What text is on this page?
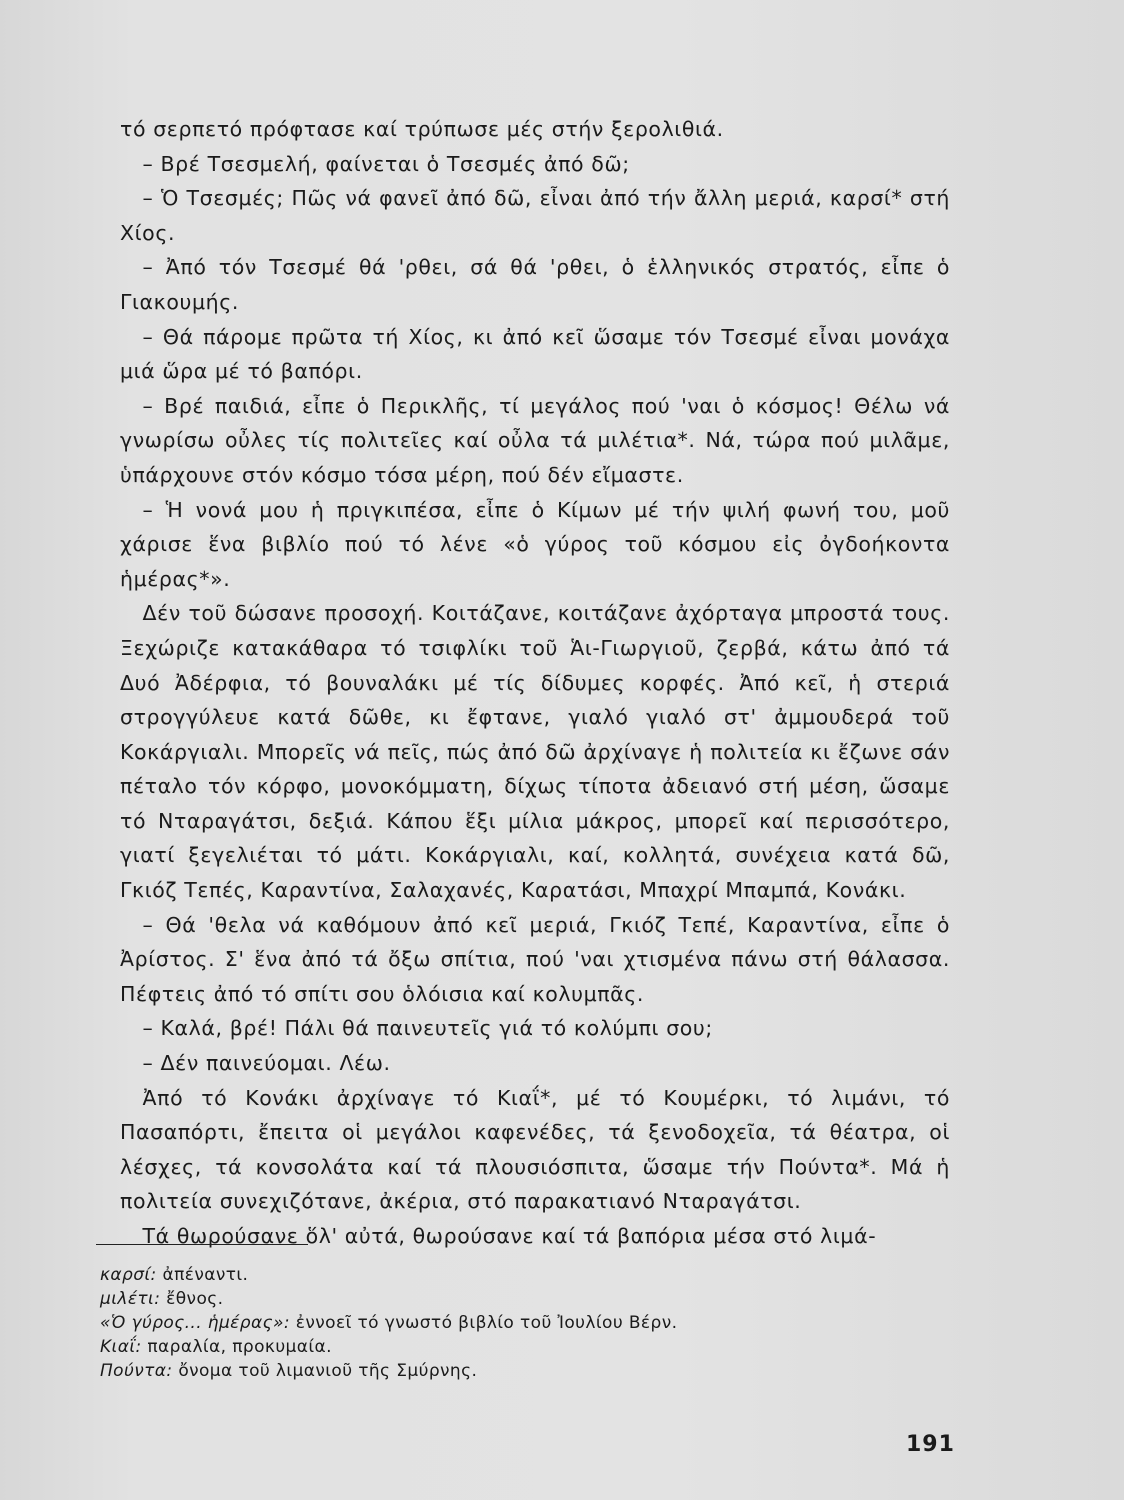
τό σερπετό πρόφτασε καί τρύπωσε μές στήν ξερολιθιά.

– Βρέ Τσεσμελή, φαίνεται ὁ Τσεσμές ἀπό δῶ;

– Ὁ Τσεσμές; Πῶς νά φανεῖ ἀπό δῶ, εἶναι ἀπό τήν ἄλλη μεριά, καρσί* στή Χίος.

– Ἀπό τόν Τσεσμέ θά 'ρθει, σά θά 'ρθει, ὁ ἑλληνικός στρατός, εἶπε ὁ Γιακουμής.

– Θά πάρομε πρῶτα τή Χίος, κι ἀπό κεῖ ὥσαμε τόν Τσεσμέ εἶναι μονάχα μιά ὥρα μέ τό βαπόρι.

– Βρέ παιδιά, εἶπε ὁ Περικλῆς, τί μεγάλος πού 'ναι ὁ κόσμος! Θέλω νά γνωρίσω οὖλες τίς πολιτεῖες καί οὖλα τά μιλέτια*. Νά, τώρα πού μιλᾶμε, ὑπάρχουνε στόν κόσμο τόσα μέρη, πού δέν εἴμαστε.

– Ἡ νονά μου ἡ πριγκιπέσα, εἶπε ὁ Κίμων μέ τήν ψιλή φωνή του, μοῦ χάρισε ἕνα βιβλίο πού τό λένε «ὁ γύρος τοῦ κόσμου εἰς ὀγδοήκοντα ἡμέρας*».

Δέν τοῦ δώσανε προσοχή. Κοιτάζανε, κοιτάζανε ἀχόρταγα μπροστά τους. Ξεχώριζε κατακάθαρα τό τσιφλίκι τοῦ Ἁι-Γιωργιοῦ, ζερβά, κάτω ἀπό τά Δυό Ἀδέρφια, τό βουναλάκι μέ τίς δίδυμες κορφές. Ἀπό κεῖ, ἡ στεριά στρογγύλευε κατά δῶθε, κι ἔφτανε, γιαλό γιαλό στ' ἀμμουδερά τοῦ Κοκάργιαλι. Μπορεῖς νά πεῖς, πώς ἀπό δῶ ἀρχίναγε ἡ πολιτεία κι ἔζωνε σάν πέταλο τόν κόρφο, μονοκόμματη, δίχως τίποτα ἀδειανό στή μέση, ὥσαμε τό Νταραγάτσι, δεξιά. Κάπου ἕξι μίλια μάκρος, μπορεῖ καί περισσότερο, γιατί ξεγελιέται τό μάτι. Κοκάργιαλι, καί, κολλητά, συνέχεια κατά δῶ, Γκιόζ Τεπές, Καραντίνα, Σαλαχανές, Καρατάσι, Μπαχρί Μπαμπά, Κονάκι.

– Θά 'θελα νά καθόμουν ἀπό κεῖ μεριά, Γκιόζ Τεπέ, Καραντίνα, εἶπε ὁ Ἀρίστος. Σ' ἕνα ἀπό τά ὄξω σπίτια, πού 'ναι χτισμένα πάνω στή θάλασσα. Πέφτεις ἀπό τό σπίτι σου ὁλόισια καί κολυμπᾶς.

– Καλά, βρέ! Πάλι θά παινευτεῖς γιά τό κολύμπι σου;

– Δέν παινεύομαι. Λέω.

Ἀπό τό Κονάκι ἀρχίναγε τό Κιαΐ*, μέ τό Κουμέρκι, τό λιμάνι, τό Πασαπόρτι, ἔπειτα οἱ μεγάλοι καφενέδες, τά ξενοδοχεῖα, τά θέατρα, οἱ λέσχες, τά κονσολάτα καί τά πλουσιόσπιτα, ὥσαμε τήν Πούντα*. Μά ἡ πολιτεία συνεχιζότανε, ἀκέρια, στό παρακατιανό Νταραγάτσι.

Τά θωρούσανε ὅλ' αὐτά, θωρούσανε καί τά βαπόρια μέσα στό λιμά-

καρσί: ἀπέναντι.
μιλέτι: ἔθνος.
«Ὁ γύρος... ἡμέρας»: ἐννοεῖ τό γνωστό βιβλίο τοῦ Ἰουλίου Βέρν.
Κιαΐ: παραλία, προκυμαία.
Πούντα: ὄνομα τοῦ λιμανιοῦ τῆς Σμύρνης.
191
